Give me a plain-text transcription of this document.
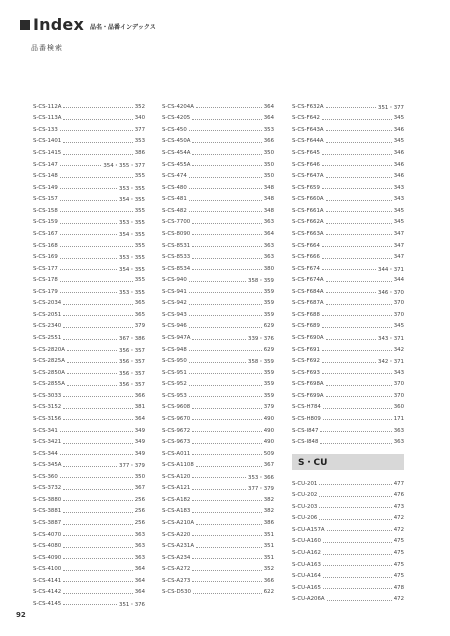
Index 品名・品番インデックス
品番検索
S-CS-112A	352
S-CS-113A	340
S-CS-133	377
S-CS-1401	353
S-CS-1415	386
S-CS-147	354・355・377
S-CS-148	355
S-CS-149	353・355
S-CS-157	354・355
S-CS-158	355
S-CS-159	353・355
S-CS-167	354・355
S-CS-168	355
S-CS-169	353・355
S-CS-177	354・355
S-CS-178	355
S-CS-179	353・355
S-CS-2034	365
S-CS-2051	365
S-CS-2340	379
S-CS-2551	367・386
S-CS-2820A	356・357
S-CS-2825A	356・357
S-CS-2850A	356・357
S-CS-2855A	356・357
S-CS-3033	366
S-CS-3152	381
S-CS-3156	364
S-CS-341	349
S-CS-3421	349
S-CS-344	349
S-CS-345A	377・379
S-CS-360	350
S-CS-3732	367
S-CS-3880	256
S-CS-3881	256
S-CS-3887	256
S-CS-4070	363
S-CS-4080	363
S-CS-4090	363
S-CS-4100	364
S-CS-4141	364
S-CS-4142	364
S-CS-4145	351・376
S-CS-4204A	364
S-CS-4205	364
S-CS-450	353
S-CS-450A	366
S-CS-454A	350
S-CS-455A	350
S-CS-474	350
S-CS-480	348
S-CS-481	348
S-CS-482	348
S-CS-7700	363
S-CS-8090	364
S-CS-8531	363
S-CS-8533	363
S-CS-8534	380
S-CS-940	358・359
S-CS-941	359
S-CS-942	359
S-CS-943	359
S-CS-946	629
S-CS-947A	339・376
S-CS-948	629
S-CS-950	358・359
S-CS-951	359
S-CS-952	359
S-CS-953	359
S-CS-9608	379
S-CS-9670	490
S-CS-9672	490
S-CS-9673	490
S-CS-A011	509
S-CS-A1108	367
S-CS-A120	353・366
S-CS-A121	377・379
S-CS-A182	382
S-CS-A183	382
S-CS-A210A	386
S-CS-A220	351
S-CS-A231A	351
S-CS-A234	351
S-CS-A272	352
S-CS-A273	366
S-CS-D530	622
S-CS-F632A	351・377
S-CS-F642	345
S-CS-F643A	346
S-CS-F644A	345
S-CS-F645	346
S-CS-F646	346
S-CS-F647A	346
S-CS-F659	343
S-CS-F660A	343
S-CS-F661A	345
S-CS-F662A	345
S-CS-F663A	347
S-CS-F664	347
S-CS-F666	347
S-CS-F674	344・371
S-CS-F674A	344
S-CS-F684A	346・370
S-CS-F687A	370
S-CS-F688	370
S-CS-F689	345
S-CS-F690A	343・371
S-CS-F691	342
S-CS-F692	342・371
S-CS-F693	343
S-CS-F698A	370
S-CS-F699A	370
S-CS-H784	360
S-CS-H809	171
S-CS-I847	363
S-CS-I848	363
S・CU
S-CU-201	477
S-CU-202	476
S-CU-203	473
S-CU-206	472
S-CU-A157A	472
S-CU-A160	475
S-CU-A162	475
S-CU-A163	475
S-CU-A164	475
S-CU-A165	478
S-CU-A206A	472
92
